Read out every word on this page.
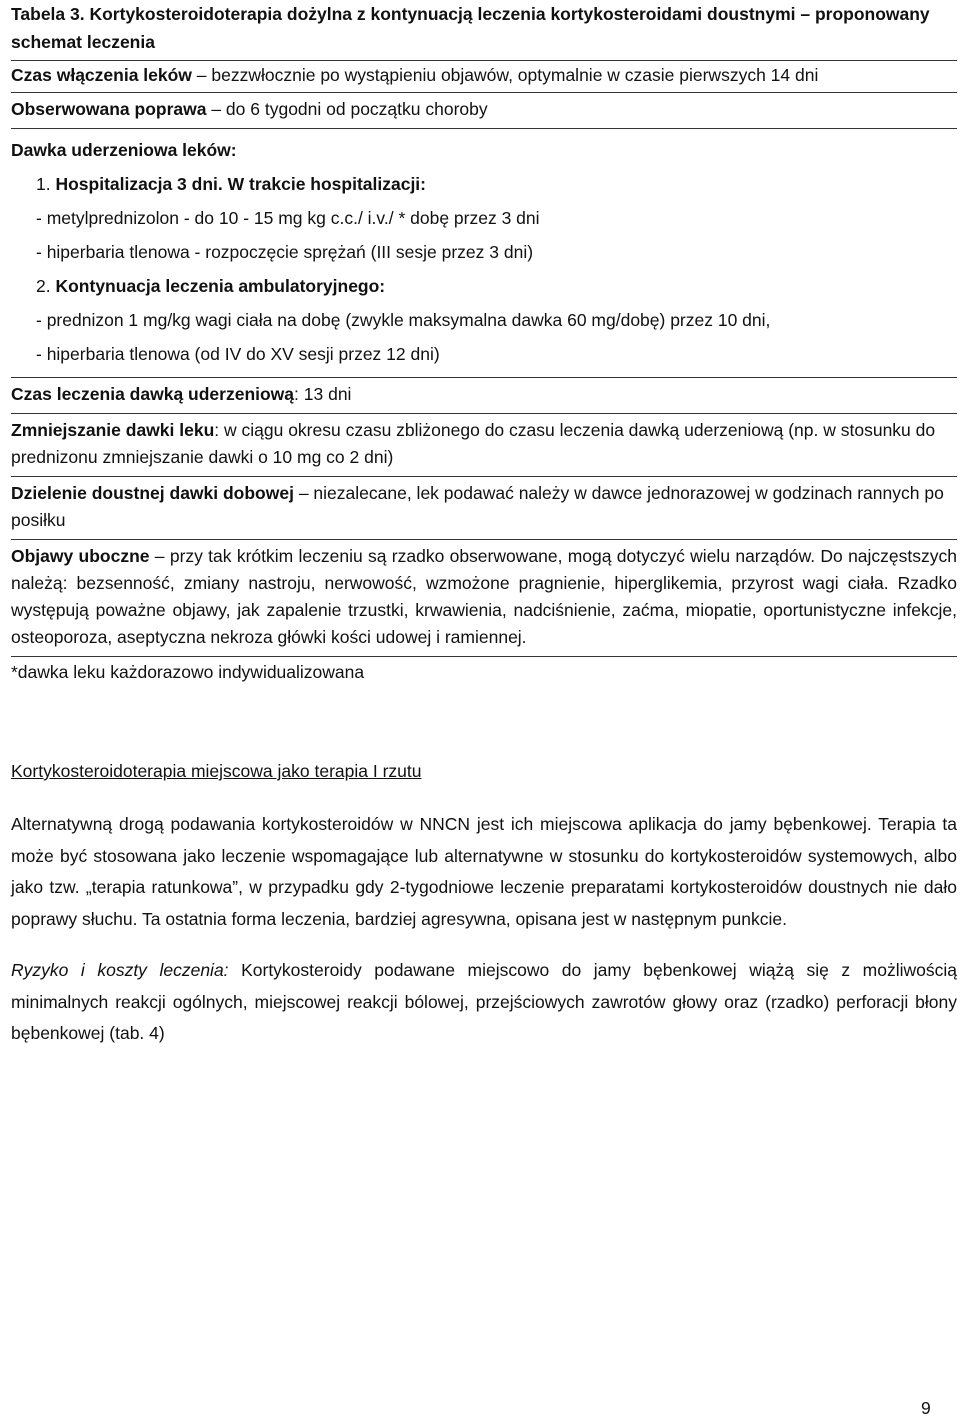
Tabela 3. Kortykosteroidoterapia dożylna z kontynuacją leczenia kortykosteroidami doustnymi – proponowany schemat leczenia
Czas włączenia leków – bezzwłocznie po wystąpieniu objawów, optymalnie w czasie pierwszych 14 dni
Obserwowana poprawa – do 6 tygodni od początku choroby
Dawka uderzeniowa leków:
1. Hospitalizacja 3 dni. W trakcie hospitalizacji:
- metylprednizolon - do 10 - 15 mg kg c.c./ i.v./ * dobę przez 3 dni
- hiperbaria tlenowa - rozpoczęcie sprężań (III sesje przez 3 dni)
2. Kontynuacja leczenia ambulatoryjnego:
- prednizon 1 mg/kg wagi ciała na dobę (zwykle maksymalna dawka 60 mg/dobę) przez 10 dni,
- hiperbaria tlenowa (od IV do XV sesji przez 12 dni)
Czas leczenia dawką uderzeniową: 13 dni
Zmniejszanie dawki leku: w ciągu okresu czasu zbliżonego do czasu leczenia dawką uderzeniową (np. w stosunku do prednizonu zmniejszanie dawki o 10 mg co 2 dni)
Dzielenie doustnej dawki dobowej – niezalecane, lek podawać należy w dawce jednorazowej w godzinach rannych po posiłku
Objawy uboczne – przy tak krótkim leczeniu są rzadko obserwowane, mogą dotyczyć wielu narządów. Do najczęstszych należą: bezsenność, zmiany nastroju, nerwowość, wzmożone pragnienie, hiperglikemia, przyrost wagi ciała. Rzadko występują poważne objawy, jak zapalenie trzustki, krwawienia, nadciśnienie, zaćma, miopatie, oportunistyczne infekcje, osteoporoza, aseptyczna nekroza główki kości udowej i ramiennej.
*dawka leku każdorazowo indywidualizowana
Kortykosteroidoterapia miejscowa jako terapia I rzutu
Alternatywną drogą podawania kortykosteroidów w NNCN jest ich miejscowa aplikacja do jamy bębenkowej. Terapia ta może być stosowana jako leczenie wspomagające lub alternatywne w stosunku do kortykosteroidów systemowych, albo jako tzw. „terapia ratunkowa”, w przypadku gdy 2-tygodniowe leczenie preparatami kortykosteroidów doustnych nie dało poprawy słuchu. Ta ostatnia forma leczenia, bardziej agresywna, opisana jest w następnym punkcie.
Ryzyko i koszty leczenia: Kortykosteroidy podawane miejscowo do jamy bębenkowej wiążą się z możliwością minimalnych reakcji ogólnych, miejscowej reakcji bólowej, przejściowych zawrotów głowy oraz (rzadko) perforacji błony bębenkowej (tab. 4)
9
